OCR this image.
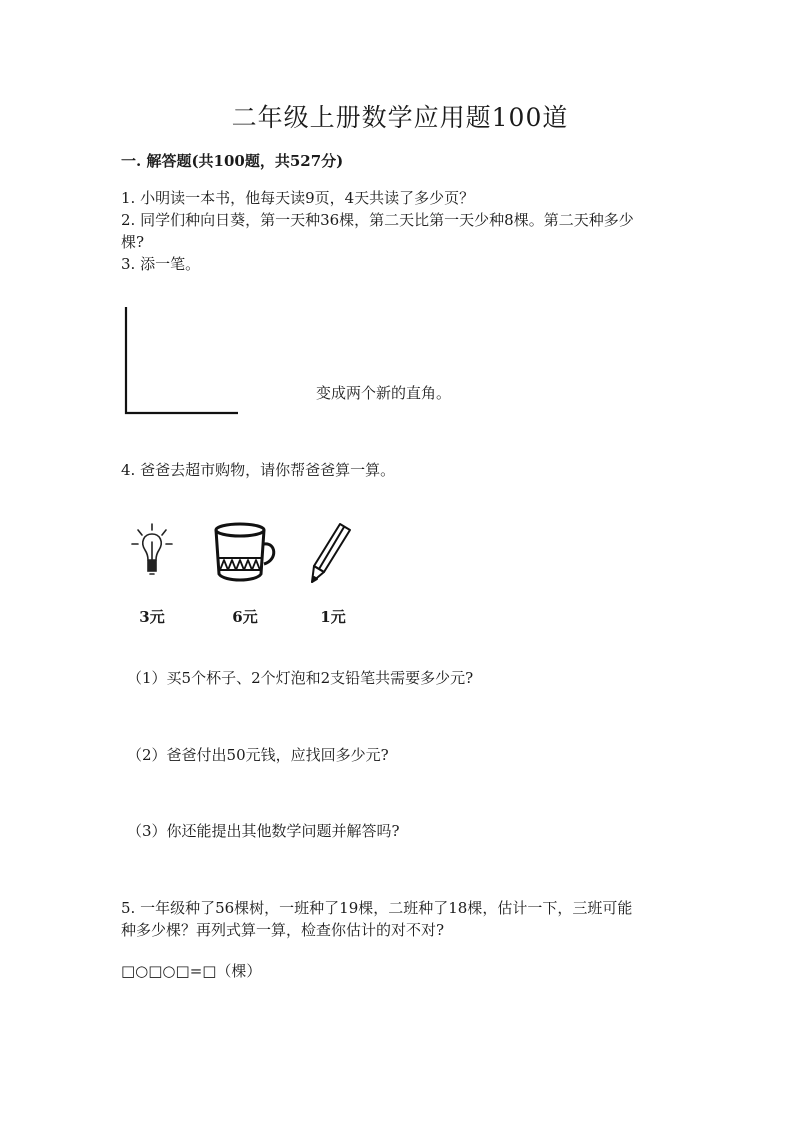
二年级上册数学应用题100道
一. 解答题(共100题，共527分)
1. 小明读一本书，他每天读9页，4天共读了多少页？
2. 同学们种向日葵，第一天种36棵，第二天比第一天少种8棵。第二天种多少
棵?
3. 添一笔。
变成两个新的直角。
4. 爸爸去超市购物，请你帮爸爸算一算。
3元	6元	1元
（1）买5个杯子、2个灯泡和2支铅笔共需要多少元?
（2）爸爸付出50元钱，应找回多少元?
（3）你还能提出其他数学问题并解答吗?
5. 一年级种了56棵树，一班种了19棵，二班种了18棵，估计一下，三班可能
种多少棵？再列式算一算，检查你估计的对不对?
□○□○□=□（棵）
